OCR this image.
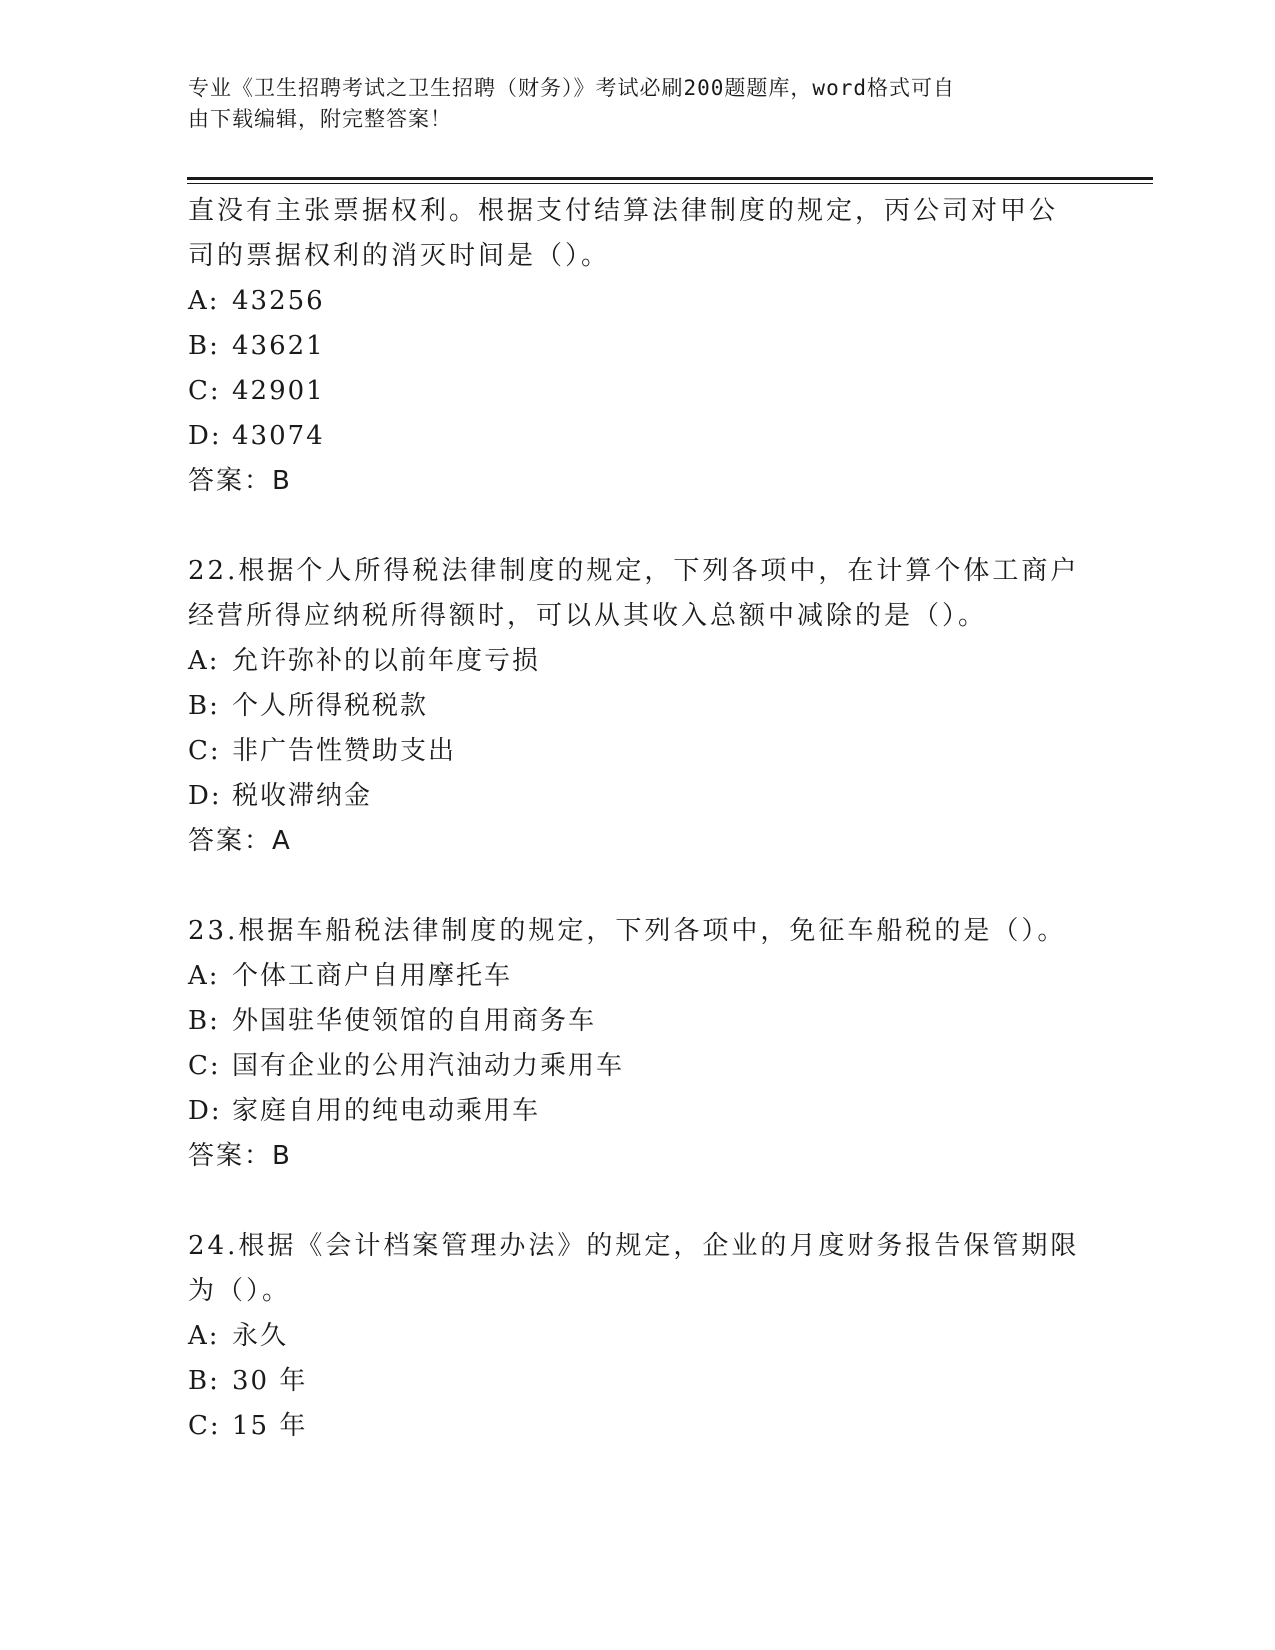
专业《卫生招聘考试之卫生招聘（财务）》考试必刷200题题库，word格式可自
由下载编辑，附完整答案！
直没有主张票据权利。根据支付结算法律制度的规定，丙公司对甲公
司的票据权利的消灭时间是（）。
A: 43256
B: 43621
C: 42901
D: 43074
答案：B
22.根据个人所得税法律制度的规定，下列各项中，在计算个体工商户
经营所得应纳税所得额时，可以从其收入总额中减除的是（）。
A: 允许弥补的以前年度亏损
B: 个人所得税税款
C: 非广告性赞助支出
D: 税收滞纳金
答案：A
23.根据车船税法律制度的规定，下列各项中，免征车船税的是（）。
A: 个体工商户自用摩托车
B: 外国驻华使领馆的自用商务车
C: 国有企业的公用汽油动力乘用车
D: 家庭自用的纯电动乘用车
答案：B
24.根据《会计档案管理办法》的规定，企业的月度财务报告保管期限
为（）。
A: 永久
B: 30 年
C: 15 年
